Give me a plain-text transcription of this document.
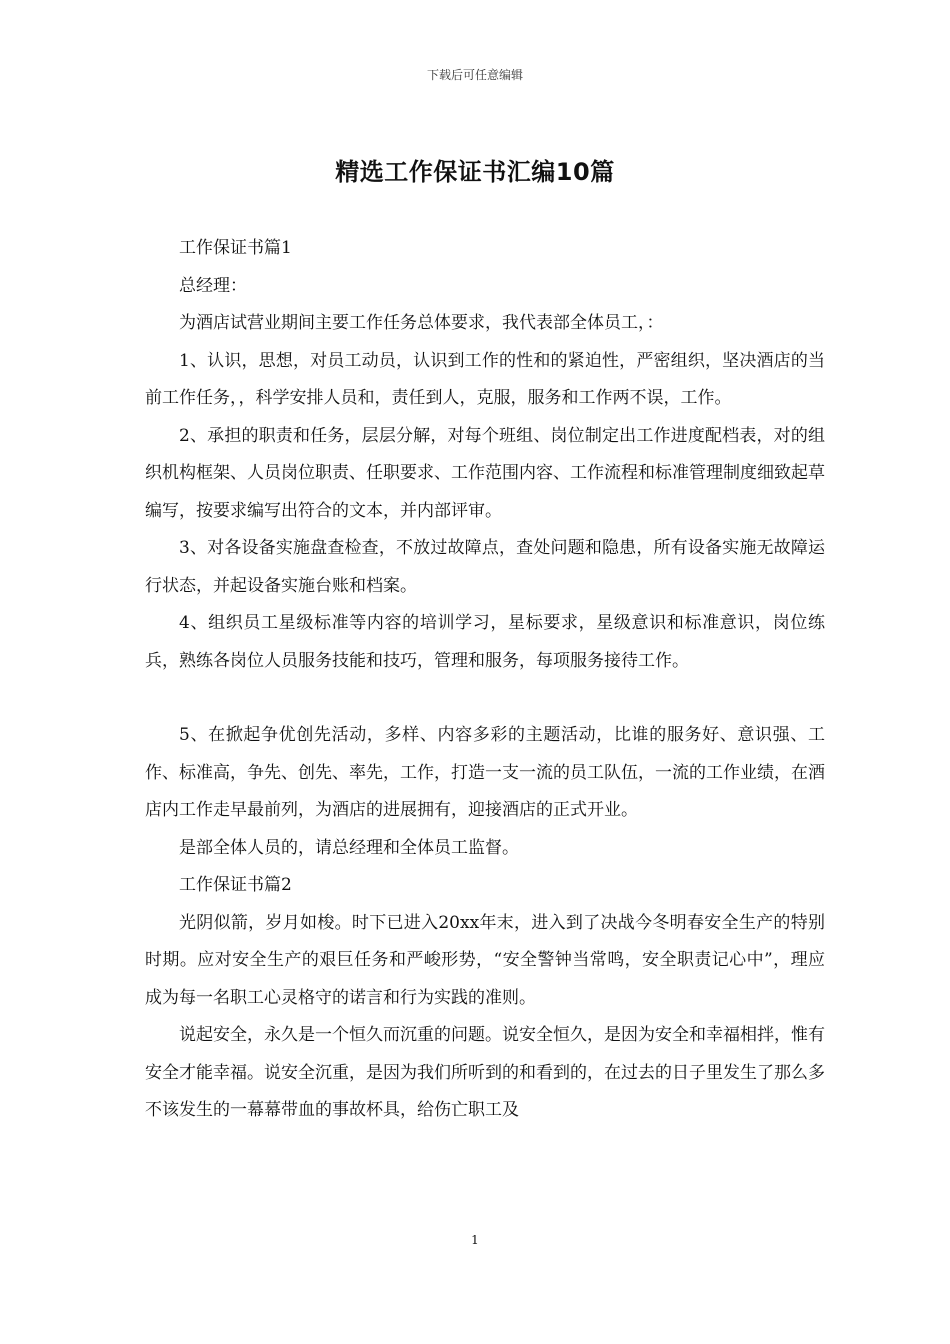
下载后可任意编辑
精选工作保证书汇编10篇

工作保证书篇1

总经理：

为酒店试营业期间主要工作任务总体要求，我代表部全体员工，：

1、认识，思想，对员工动员，认识到工作的性和的紧迫性，严密组织，坚决酒店的当前工作任务，，科学安排人员和，责任到人，克服，服务和工作两不误，工作。

2、承担的职责和任务，层层分解，对每个班组、岗位制定出工作进度配档表，对的组织机构框架、人员岗位职责、任职要求、工作范围内容、工作流程和标准管理制度细致起草编写，按要求编写出符合的文本，并内部评审。

3、对各设备实施盘查检查，不放过故障点，查处问题和隐患，所有设备实施无故障运行状态，并起设备实施台账和档案。

4、组织员工星级标准等内容的培训学习，星标要求，星级意识和标准意识，岗位练兵，熟练各岗位人员服务技能和技巧，管理和服务，每项服务接待工作。

5、在掀起争优创先活动，多样、内容多彩的主题活动，比谁的服务好、意识强、工作、标准高，争先、创先、率先，工作，打造一支一流的员工队伍，一流的工作业绩，在酒店内工作走早最前列，为酒店的进展拥有，迎接酒店的正式开业。

是部全体人员的，请总经理和全体员工监督。

工作保证书篇2

光阴似箭，岁月如梭。时下已进入20xx年末，进入到了决战今冬明春安全生产的特别时期。应对安全生产的艰巨任务和严峻形势，“安全警钟当常鸣，安全职责记心中”，理应成为每一名职工心灵格守的诺言和行为实践的准则。

说起安全，永久是一个恒久而沉重的问题。说安全恒久，是因为安全和幸福相拌，惟有安全才能幸福。说安全沉重，是因为我们所听到的和看到的，在过去的日子里发生了那么多不该发生的一幕幕带血的事故杯具，给伤亡职工及

1
